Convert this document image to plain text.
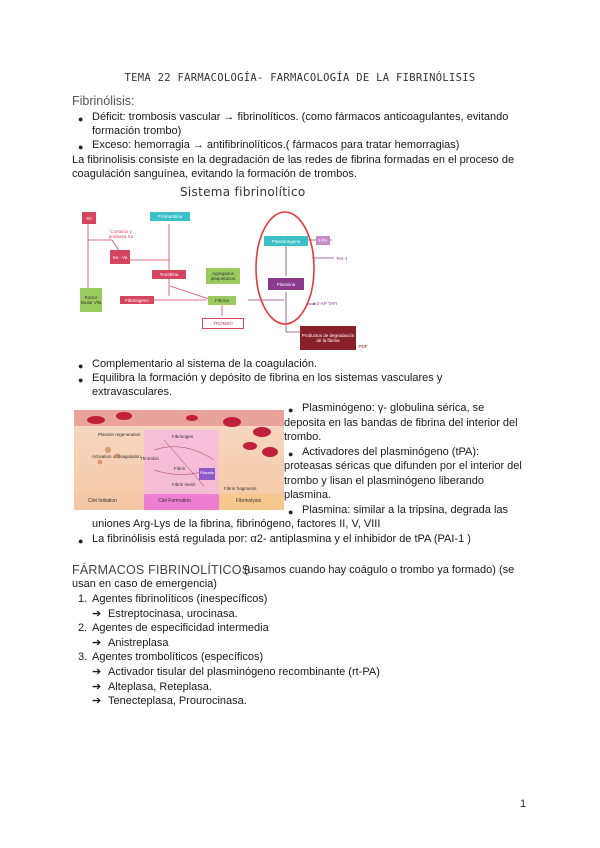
TEMA 22 FARMACOLOGÍA- FARMACOLOGÍA DE LA FIBRINÓLISIS
Fibrinólisis:
● Déficit: trombosis vascular → fibrinolíticos. (como fármacos anticoagulantes, evitando
formación trombo)
● Exceso: hemorragia → antifibrinolíticos.( fármacos para tratar hemorragias)
La fibrinolisis consiste en la degradación de las redes de fibrina formadas en el proceso de
coagulación sanguínea, evitando la formación de trombos.
Sistema fibrinolítico
XII	Protrombina
Contacto y proteasa Xa
Xa - Va
Trombina	Agregados plaquetarios
Factor tisular Vlla	Fibrinógeno	Fibrina
TROMBO
Plasminógeno	t-PA
PAI-1
Plasmina
α-2-AP TAFI
Productos de degradación de la fibrina
PDF
● Complementario al sistema de la coagulación.
● Equilibra la formación y depósito de fibrina en los sistemas vasculares y
extravasculares.
Plasmin regeneration	Fibrinogen
Activation of coagulation Thrombin
Fibrin
Fibrin mesh
Plasmin
Fibrin fragments
Clot Initiation	Clot Formation	Fibrinolysis
● Plasminógeno: γ- globulina sérica, se
deposita en las bandas de fibrina del interior del
trombo.
● Activadores del plasminógeno (tPA):
proteasas séricas que difunden por el interior del
trombo y lisan el plasminógeno liberando
plasmina.
● Plasmina: similar a la tripsina, degrada las
uniones Arg-Lys de la fibrina, fibrinógeno, factores II, V, VIII
● La fibrinólisis está regulada por: α2- antiplasmina y el inhibidor de tPA (PAI-1 )
FÁRMACOS FIBRINOLÍTICOS
(usamos cuando hay coágulo o trombo ya formado) (se
usan en caso de emergencia)
1. Agentes fibrinolíticos (inespecíficos)
➔ Estreptocinasa, urocinasa.
2. Agentes de especificidad intermedia
➔ Anistreplasa
3. Agentes trombolíticos (específicos)
➔ Activador tisular del plasminógeno recombinante (rt-PA)
➔ Alteplasa, Reteplasa.
➔ Tenecteplasa, Prourocinasa.
1
